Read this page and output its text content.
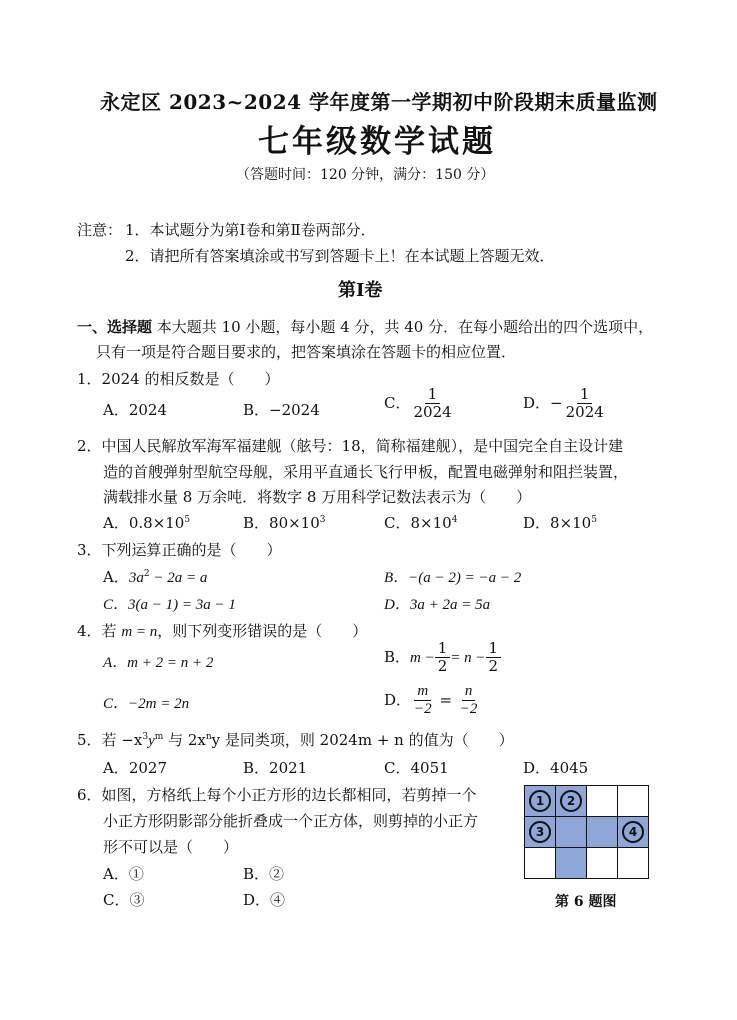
永定区 2023~2024 学年度第一学期初中阶段期末质量监测
七年级数学试题
（答题时间：120 分钟，满分：150 分）
注意： 1．本试题分为第Ⅰ卷和第Ⅱ卷两部分．
2．请把所有答案填涂或书写到答题卡上！在本试题上答题无效．
第Ⅰ卷
一、选择题 本大题共 10 小题，每小题 4 分，共 40 分．在每小题给出的四个选项中，
只有一项是符合题目要求的，把答案填涂在答题卡的相应位置．
1．2024 的相反数是（　　）
A．2024	B．−2024	C． $\frac{1}{2024}$	D．− $\frac{1}{2024}$
2．中国人民解放军海军福建舰（舷号：18，简称福建舰），是中国完全自主设计建
造的首艘弹射型航空母舰，采用平直通长飞行甲板，配置电磁弹射和阻拦装置，
满载排水量 8 万余吨．将数字 8 万用科学记数法表示为（　　）
A．$0.8\times 10^5$	B．$80\times 10^3$	C．$8\times 10^4$	D．$8\times 10^5$
3．下列运算正确的是（　　）
A．$3a^2 - 2a = a$	B．−(a − 2) = −a − 2
C．3(a − 1) = 3a − 1	D．3a + 2a = 5a
4．若 m = n，则下列变形错误的是（　　）
A．m + 2 = n + 2	B．$m - \frac{1}{2} = n - \frac{1}{2}$
C．−2m = 2n	D． $\frac{m}{-2} = \frac{n}{-2}$
5．若 $-x^3y^m$ 与 $2x^ny$ 是同类项，则 2024m + n 的值为（　　）
A．2027	B．2021	C．4051	D．4045
6．如图，方格纸上每个小正方形的边长都相同，若剪掉一个
小正方形阴影部分能折叠成一个正方体，则剪掉的小正方
形不可以是（　　）
A．①	B．②
C．③	D．④
1	2		
3			4

第 6 题图
